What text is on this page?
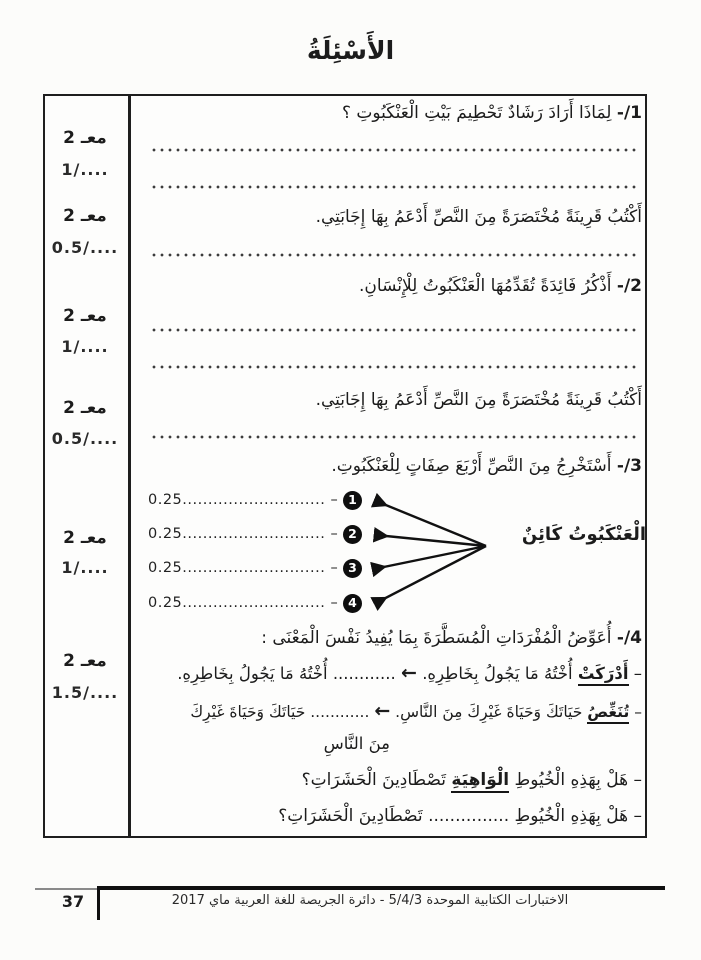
الأَسْئِلَةُ
معـ 2
1/....
معـ 2
0.5/....
معـ 2
1/....
معـ 2
0.5/....
معـ 2
1/....
معـ 2
1.5/....
1/- لِمَاذَا أَرَادَ رَشَادٌ تَحْطِيمَ بَيْتِ الْعَنْكَبُوتِ ؟
أَكْتُبُ قَرِينَةً مُخْتَصَرَةً مِنَ النَّصِّ أَدْعَمُ بِهَا إِجَابَتِي.
2/- أَذْكُرُ فَائِدَةً تُقَدِّمُهَا الْعَنْكَبُوتُ لِلْإِنْسَانِ.
أَكْتُبُ قَرِينَةً مُخْتَصَرَةً مِنَ النَّصِّ أَدْعَمُ بِهَا إِجَابَتِي.
3/- أَسْتَخْرِجُ مِنَ النَّصِّ أَرْبَعَ صِفَاتٍ لِلْعَنْكَبُوتِ.
0.25............................ – 1
0.25............................ – 2
0.25............................ – 3
0.25............................ – 4
الْعَنْكَبُوتُ كَائِنٌ
4/- أُعَوِّضُ الْمُفْرَدَاتِ الْمُسَطَّرَةَ بِمَا يُفِيدُ نَفْسَ الْمَعْنَى :
– أَدْرَكَتْ أُخْتُهُ مَا يَجُولُ بِخَاطِرِهِ. ← ............ أُخْتُهُ مَا يَجُولُ بِخَاطِرِهِ.
– تُنَغِّصُ حَيَاتَكَ وَحَيَاةَ غَيْرِكَ مِنَ النَّاسِ. ← ............ حَيَاتَكَ وَحَيَاةَ غَيْرِكَ
مِنَ النَّاسِ
– هَلْ بِهَذِهِ الْخُيُوطِ الْوَاهِيَةِ تَصْطَادِينَ الْحَشَرَاتِ؟
– هَلْ بِهَذِهِ الْخُيُوطِ ............... تَصْطَادِينَ الْحَشَرَاتِ؟
37	الاختبارات الكتابية الموحدة 5/4/3 - دائرة الجريصة للغة العربية ماي 2017
